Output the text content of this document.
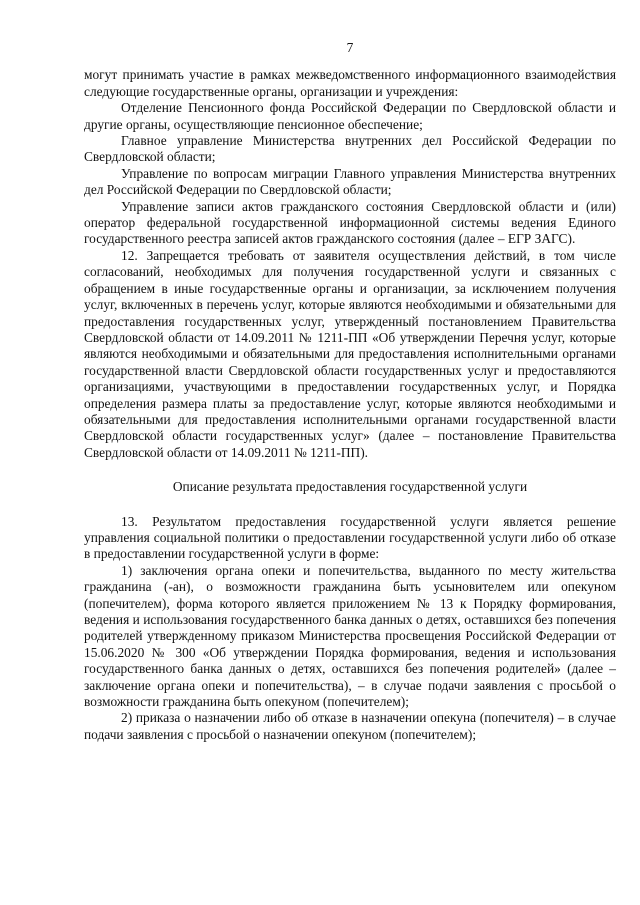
7

могут принимать участие в рамках межведомственного информационного взаимодействия следующие государственные органы, организации и учреждения:

Отделение Пенсионного фонда Российской Федерации по Свердловской области и другие органы, осуществляющие пенсионное обеспечение;

Главное управление Министерства внутренних дел Российской Федерации по Свердловской области;

Управление по вопросам миграции Главного управления Министерства внутренних дел Российской Федерации по Свердловской области;

Управление записи актов гражданского состояния Свердловской области и (или) оператор федеральной государственной информационной системы ведения Единого государственного реестра записей актов гражданского состояния (далее – ЕГР ЗАГС).

12. Запрещается требовать от заявителя осуществления действий, в том числе согласований, необходимых для получения государственной услуги и связанных с обращением в иные государственные органы и организации, за исключением получения услуг, включенных в перечень услуг, которые являются необходимыми и обязательными для предоставления государственных услуг, утвержденный постановлением Правительства Свердловской области от 14.09.2011 № 1211-ПП «Об утверждении Перечня услуг, которые являются необходимыми и обязательными для предоставления исполнительными органами государственной власти Свердловской области государственных услуг и предоставляются организациями, участвующими в предоставлении государственных услуг, и Порядка определения размера платы за предоставление услуг, которые являются необходимыми и обязательными для предоставления исполнительными органами государственной власти Свердловской области государственных услуг» (далее – постановление Правительства Свердловской области от 14.09.2011 № 1211-ПП).

Описание результата предоставления государственной услуги

13. Результатом предоставления государственной услуги является решение управления социальной политики о предоставлении государственной услуги либо об отказе в предоставлении государственной услуги в форме:

1) заключения органа опеки и попечительства, выданного по месту жительства гражданина (-ан), о возможности гражданина быть усыновителем или опекуном (попечителем), форма которого является приложением № 13 к Порядку формирования, ведения и использования государственного банка данных о детях, оставшихся без попечения родителей утвержденному приказом Министерства просвещения Российской Федерации от 15.06.2020 № 300 «Об утверждении Порядка формирования, ведения и использования государственного банка данных о детях, оставшихся без попечения родителей» (далее – заключение органа опеки и попечительства), – в случае подачи заявления с просьбой о возможности гражданина быть опекуном (попечителем);

2) приказа о назначении либо об отказе в назначении опекуна (попечителя) – в случае подачи заявления с просьбой о назначении опекуном (попечителем);
